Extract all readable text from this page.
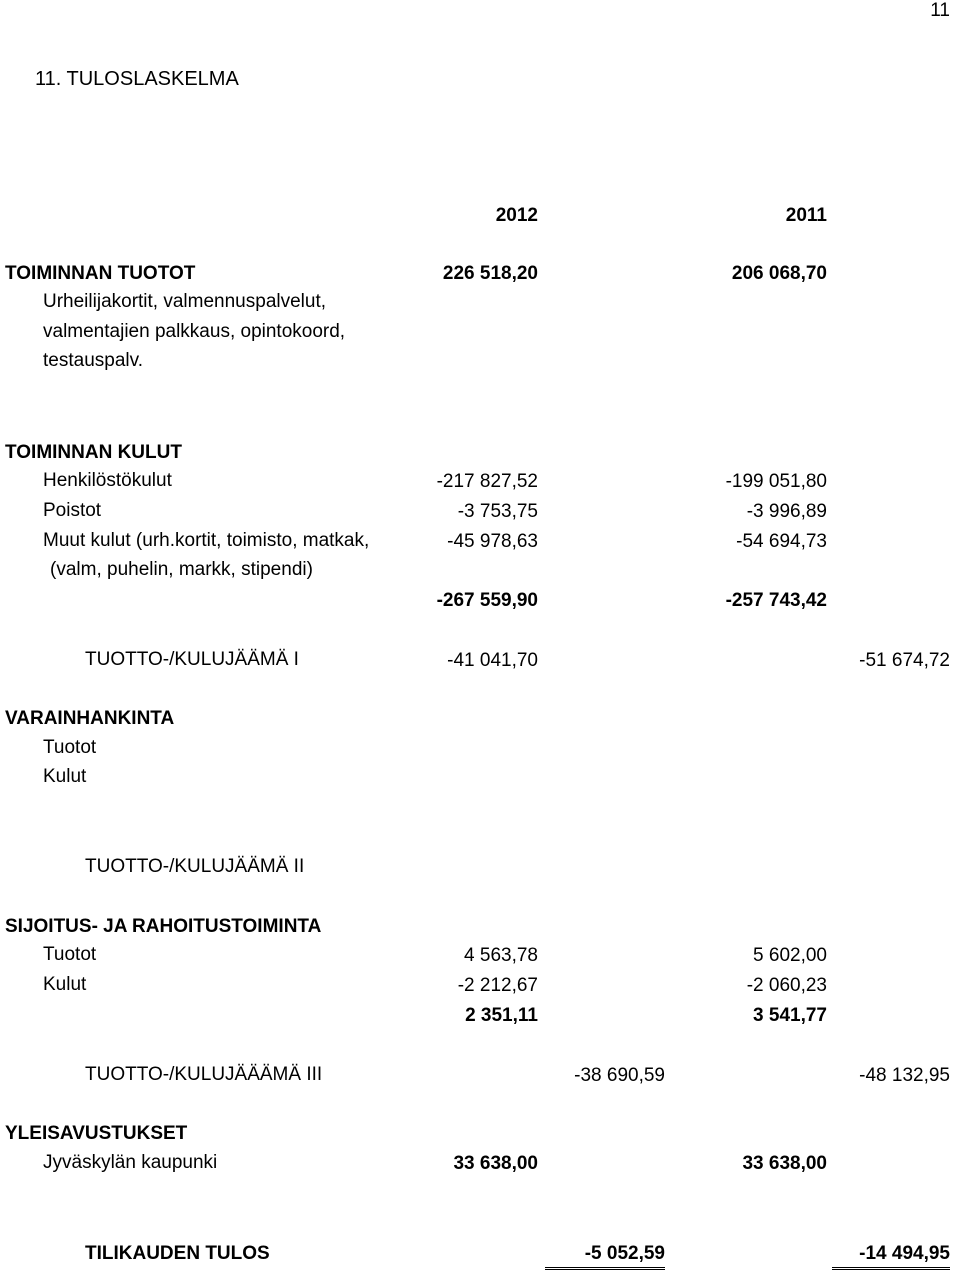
11
11. TULOSLASKELMA
2012	2011
TOIMINNAN TUOTOT	226 518,20	206 068,70
Urheilijakortit, valmennuspalvelut,
valmentajien palkkaus, opintokoord,
testauspalv.
TOIMINNAN KULUT
Henkilöstökulut	-217 827,52	-199 051,80
Poistot	-3 753,75	-3 996,89
Muut kulut (urh.kortit, toimisto, matkak,	-45 978,63	-54 694,73
(valm, puhelin, markk, stipendi)
-267 559,90	-257 743,42
TUOTTO-/KULUJÄÄMÄ I	-41 041,70	-51 674,72
VARAINHANKINTA
Tuotot
Kulut
TUOTTO-/KULUJÄÄMÄ II
SIJOITUS- JA RAHOITUSTOIMINTA
Tuotot	4 563,78	5 602,00
Kulut	-2 212,67	-2 060,23
2 351,11	3 541,77
TUOTTO-/KULUJÄÄÄMÄ III	-38 690,59	-48 132,95
YLEISAVUSTUKSET
Jyväskylän kaupunki	33 638,00	33 638,00
TILIKAUDEN TULOS	-5 052,59	-14 494,95
